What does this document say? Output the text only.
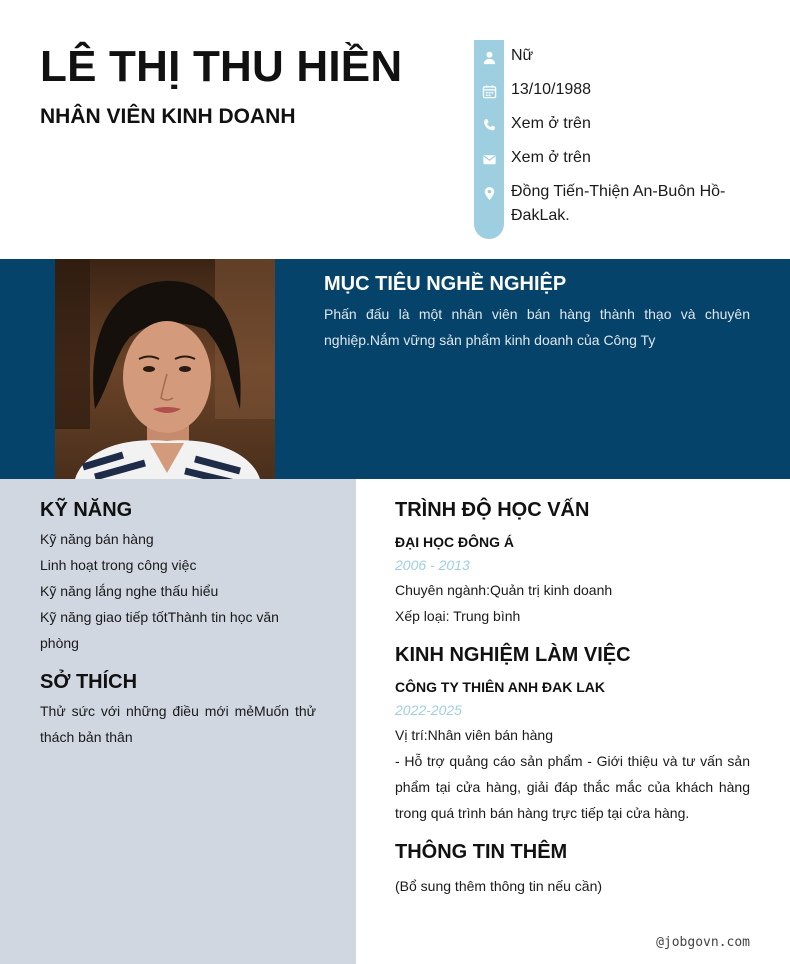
LÊ THỊ THU HIỀN
NHÂN VIÊN KINH DOANH
Nữ
13/10/1988
Xem ở trên
Xem ở trên
Đồng Tiến-Thiện An-Buôn Hồ-
ĐakLak.
MỤC TIÊU NGHỀ NGHIỆP
Phấn đấu là một nhân viên bán hàng thành thạo và chuyên nghiệp.Nắm vững sản phẩm kinh doanh của Công Ty
KỸ NĂNG
Kỹ năng bán hàng
Linh hoạt trong công việc
Kỹ năng lắng nghe thấu hiểu
Kỹ năng giao tiếp tốtThành tin học văn phòng
SỞ THÍCH
Thử sức với những điều mới mẻMuốn thử thách bản thân
TRÌNH ĐỘ HỌC VẤN
ĐẠI HỌC ĐÔNG Á
2006 - 2013
Chuyên ngành:Quản trị kinh doanh
Xếp loại: Trung bình
KINH NGHIỆM LÀM VIỆC
CÔNG TY THIÊN ANH ĐAK LAK
2022-2025
Vị trí:Nhân viên bán hàng
- Hỗ trợ quảng cáo sản phẩm - Giới thiệu và tư vấn sản phẩm tại cửa hàng, giải đáp thắc mắc của khách hàng trong quá trình bán hàng trực tiếp tại cửa hàng.
THÔNG TIN THÊM
(Bổ sung thêm thông tin nếu cần)
@jobgovn.com
